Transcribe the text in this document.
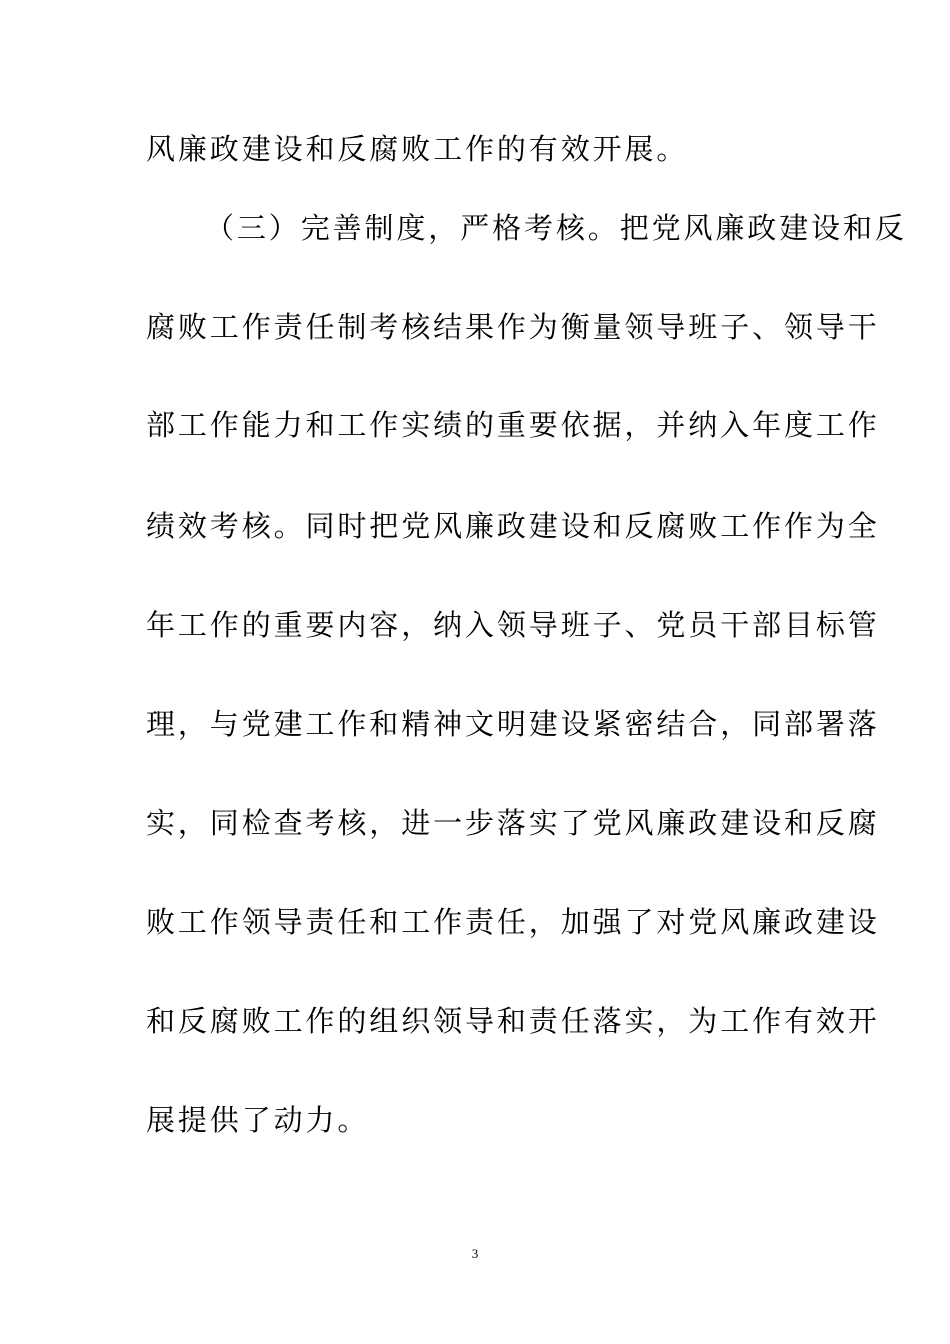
风廉政建设和反腐败工作的有效开展。
（三）完善制度，严格考核。把党风廉政建设和反
腐败工作责任制考核结果作为衡量领导班子、领导干
部工作能力和工作实绩的重要依据，并纳入年度工作
绩效考核。同时把党风廉政建设和反腐败工作作为全
年工作的重要内容，纳入领导班子、党员干部目标管
理，与党建工作和精神文明建设紧密结合，同部署落
实，同检查考核，进一步落实了党风廉政建设和反腐
败工作领导责任和工作责任，加强了对党风廉政建设
和反腐败工作的组织领导和责任落实，为工作有效开
展提供了动力。
3
